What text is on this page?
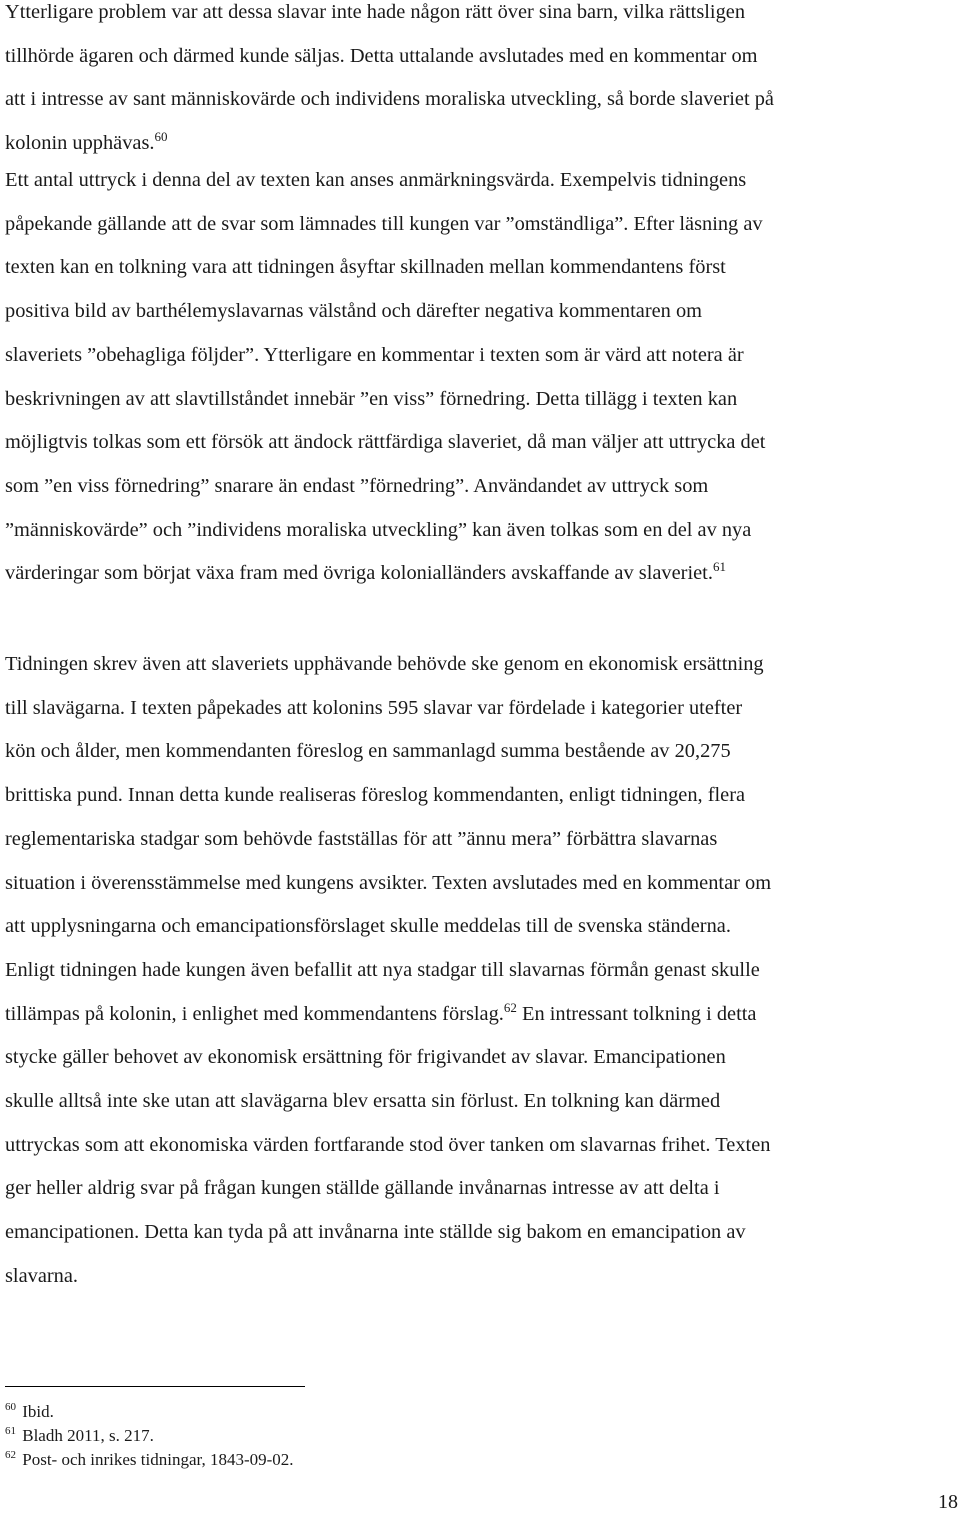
Ytterligare problem var att dessa slavar inte hade någon rätt över sina barn, vilka rättsligen
tillhörde ägaren och därmed kunde säljas. Detta uttalande avslutades med en kommentar om
att i intresse av sant människovärde och individens moraliska utveckling, så borde slaveriet på
kolonin upphävas.$^{60}$
Ett antal uttryck i denna del av texten kan anses anmärkningsvärda. Exempelvis tidningens
påpekande gällande att de svar som lämnades till kungen var ”omständliga”. Efter läsning av
texten kan en tolkning vara att tidningen åsyftar skillnaden mellan kommendantens först
positiva bild av barthélemyslavarnas välstånd och därefter negativa kommentaren om
slaveriets ”obehagliga följder”. Ytterligare en kommentar i texten som är värd att notera är
beskrivningen av att slavtillståndet innebär ”en viss” förnedring. Detta tillägg i texten kan
möjligtvis tolkas som ett försök att ändock rättfärdiga slaveriet, då man väljer att uttrycka det
som ”en viss förnedring” snarare än endast ”förnedring”. Användandet av uttryck som
”människovärde” och ”individens moraliska utveckling” kan även tolkas som en del av nya
värderingar som börjat växa fram med övriga kolonialländers avskaffande av slaveriet.$^{61}$
Tidningen skrev även att slaveriets upphävande behövde ske genom en ekonomisk ersättning
till slavägarna. I texten påpekades att kolonins 595 slavar var fördelade i kategorier utefter
kön och ålder, men kommendanten föreslog en sammanlagd summa bestående av 20,275
brittiska pund. Innan detta kunde realiseras föreslog kommendanten, enligt tidningen, flera
reglementariska stadgar som behövde fastställas för att ”ännu mera” förbättra slavarnas
situation i överensstämmelse med kungens avsikter. Texten avslutades med en kommentar om
att upplysningarna och emancipationsförslaget skulle meddelas till de svenska ständerna.
Enligt tidningen hade kungen även befallit att nya stadgar till slavarnas förmån genast skulle
tillämpas på kolonin, i enlighet med kommendantens förslag.$^{62}$ En intressant tolkning i detta
stycke gäller behovet av ekonomisk ersättning för frigivandet av slavar. Emancipationen
skulle alltså inte ske utan att slavägarna blev ersatta sin förlust. En tolkning kan därmed
uttryckas som att ekonomiska värden fortfarande stod över tanken om slavarnas frihet. Texten
ger heller aldrig svar på frågan kungen ställde gällande invånarnas intresse av att delta i
emancipationen. Detta kan tyda på att invånarna inte ställde sig bakom en emancipation av
slavarna.
$^{60}$ Ibid.
$^{61}$ Bladh 2011, s. 217.
$^{62}$ Post- och inrikes tidningar, 1843-09-02.
18
